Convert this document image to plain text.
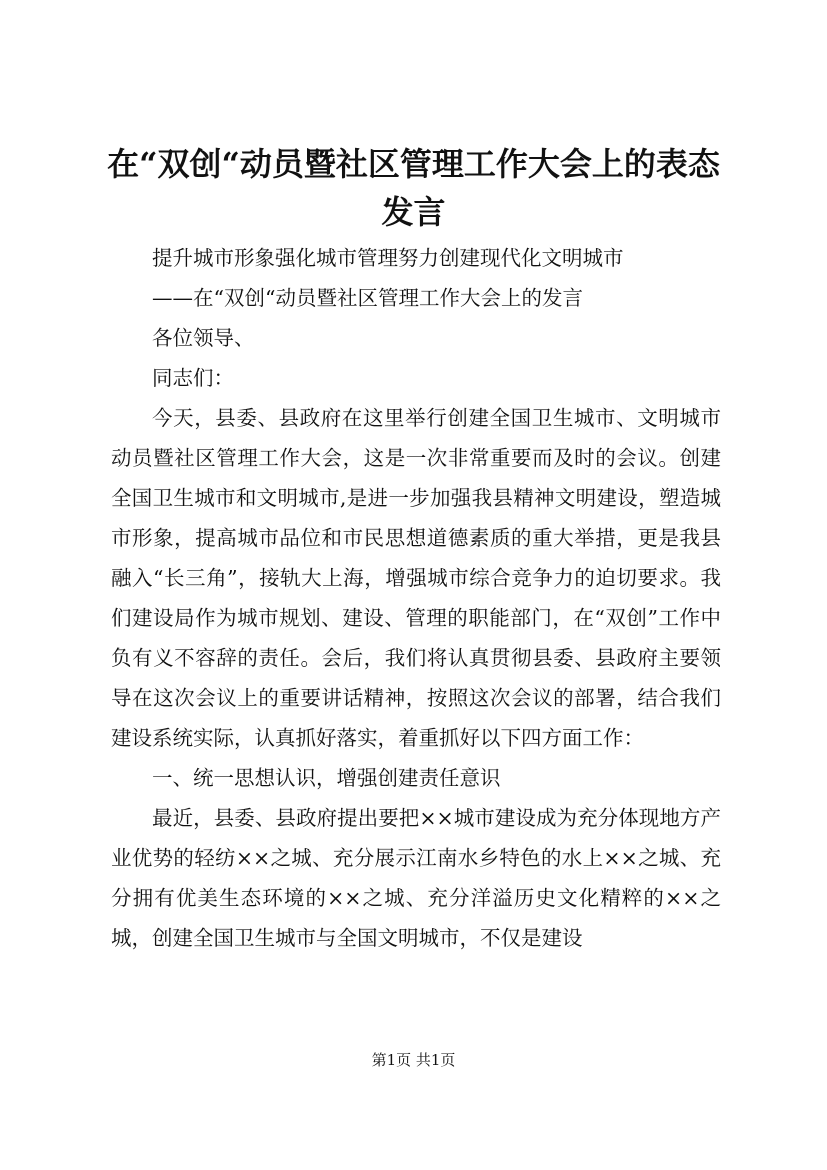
在“双创“动员暨社区管理工作大会上的表态发言

提升城市形象强化城市管理努力创建现代化文明城市

——在“双创“动员暨社区管理工作大会上的发言

各位领导、

同志们：

今天，县委、县政府在这里举行创建全国卫生城市、文明城市动员暨社区管理工作大会，这是一次非常重要而及时的会议。创建全国卫生城市和文明城市,是进一步加强我县精神文明建设，塑造城市形象，提高城市品位和市民思想道德素质的重大举措，更是我县融入“长三角”，接轨大上海，增强城市综合竞争力的迫切要求。我们建设局作为城市规划、建设、管理的职能部门，在“双创”工作中负有义不容辞的责任。会后，我们将认真贯彻县委、县政府主要领导在这次会议上的重要讲话精神，按照这次会议的部署，结合我们建设系统实际，认真抓好落实，着重抓好以下四方面工作：

一、统一思想认识，增强创建责任意识

最近，县委、县政府提出要把××城市建设成为充分体现地方产业优势的轻纺××之城、充分展示江南水乡特色的水上××之城、充分拥有优美生态环境的××之城、充分洋溢历史文化精粹的××之城，创建全国卫生城市与全国文明城市，不仅是建设

第1页 共1页
